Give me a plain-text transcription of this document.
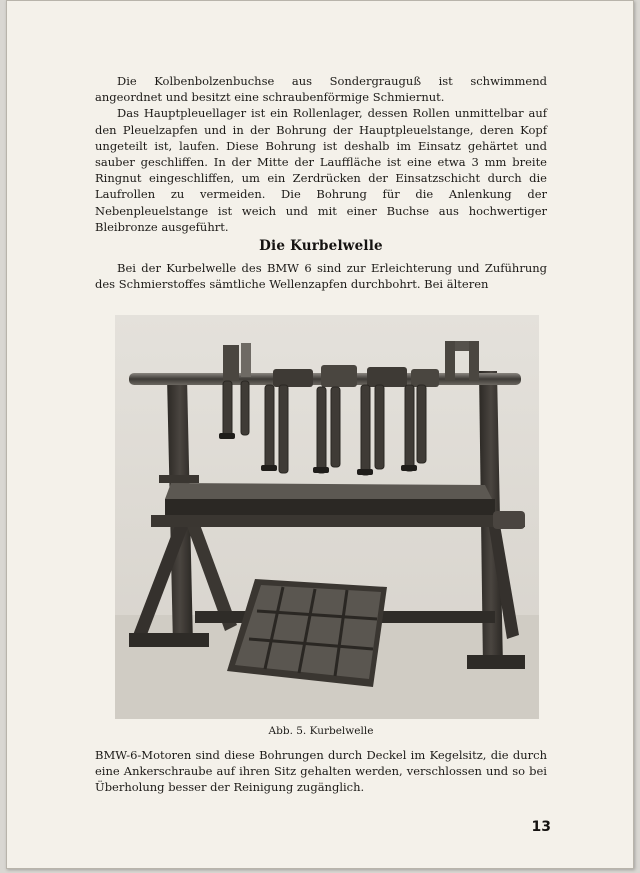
Die Kolbenbolzenbuchse aus Sondergrauguß ist schwimmend angeordnet und besitzt eine schraubenförmige Schmiernut.

Das Hauptpleuellager ist ein Rollenlager, dessen Rollen unmittelbar auf den Pleuelzapfen und in der Bohrung der Hauptpleuelstange, deren Kopf ungeteilt ist, laufen. Diese Bohrung ist deshalb im Einsatz gehärtet und sauber geschliffen. In der Mitte der Lauffläche ist eine etwa 3 mm breite Ringnut eingeschliffen, um ein Zerdrücken der Einsatzschicht durch die Laufrollen zu vermeiden. Die Bohrung für die Anlenkung der Nebenpleuelstange ist weich und mit einer Buchse aus hochwertiger Bleibronze ausgeführt.

Die Kurbelwelle

Bei der Kurbelwelle des BMW 6 sind zur Erleichterung und Zuführung des Schmierstoffes sämtliche Wellenzapfen durchbohrt. Bei älteren

Abb. 5. Kurbelwelle

BMW-6-Motoren sind diese Bohrungen durch Deckel im Kegelsitz, die durch eine Ankerschraube auf ihren Sitz gehalten werden, verschlossen und so bei Überholung besser der Reinigung zugänglich.

13
